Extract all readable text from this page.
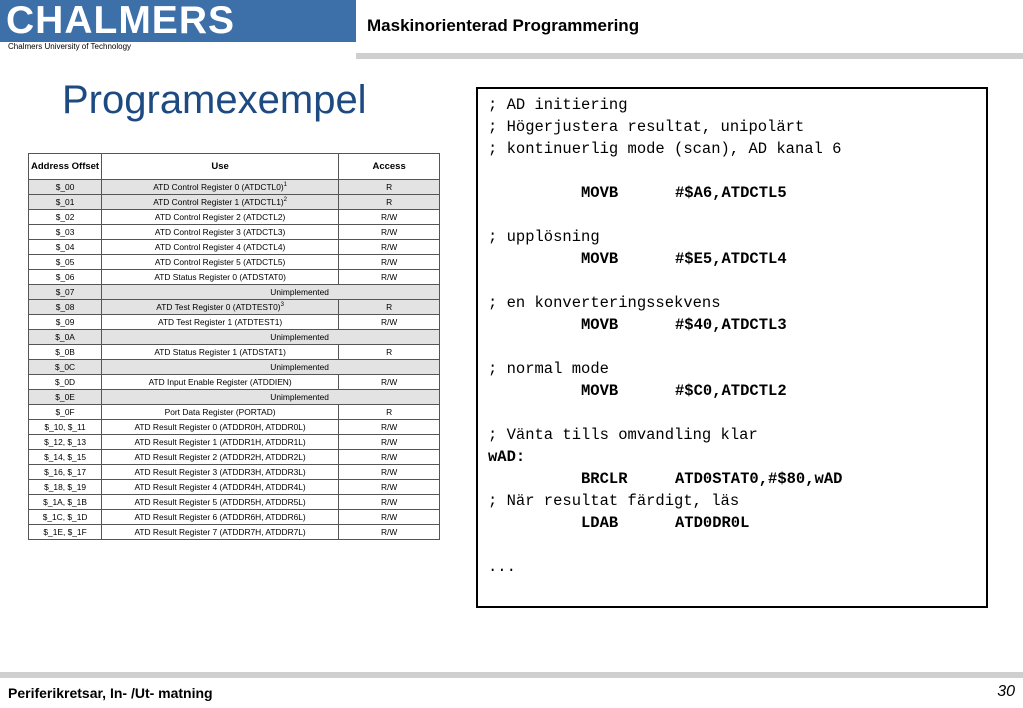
CHALMERS
Chalmers University of Technology
Maskinorienterad Programmering
Programexempel
Address Offset	Use	Access
$_00	ATD Control Register 0 (ATDCTL0)$^1$	R
$_01	ATD Control Register 1 (ATDCTL1)$^2$	R
$_02	ATD Control Register 2 (ATDCTL2)	R/W
$_03	ATD Control Register 3 (ATDCTL3)	R/W
$_04	ATD Control Register 4 (ATDCTL4)	R/W
$_05	ATD Control Register 5 (ATDCTL5)	R/W
$_06	ATD Status Register 0 (ATDSTAT0)	R/W
$_07	Unimplemented	
$_08	ATD Test Register 0 (ATDTEST0)$^3$	R
$_09	ATD Test Register 1 (ATDTEST1)	R/W
$_0A	Unimplemented	
$_0B	ATD Status Register 1 (ATDSTAT1)	R
$_0C	Unimplemented	
$_0D	ATD Input Enable Register (ATDDIEN)	R/W
$_0E	Unimplemented	
$_0F	Port Data Register (PORTAD)	R
$_10, $_11	ATD Result Register 0 (ATDDR0H, ATDDR0L)	R/W
$_12, $_13	ATD Result Register 1 (ATDDR1H, ATDDR1L)	R/W
$_14, $_15	ATD Result Register 2 (ATDDR2H, ATDDR2L)	R/W
$_16, $_17	ATD Result Register 3 (ATDDR3H, ATDDR3L)	R/W
$_18, $_19	ATD Result Register 4 (ATDDR4H, ATDDR4L)	R/W
$_1A, $_1B	ATD Result Register 5 (ATDDR5H, ATDDR5L)	R/W
$_1C, $_1D	ATD Result Register 6 (ATDDR6H, ATDDR6L)	R/W
$_1E, $_1F	ATD Result Register 7 (ATDDR7H, ATDDR7L)	R/W
; AD initiering
; Högerjustera resultat, unipolärt
; kontinuerlig mode (scan), AD kanal 6
MOVB	#$A6,ATDCTL5
; upplösning
MOVB	#$E5,ATDCTL4
; en konverteringssekvens
MOVB	#$40,ATDCTL3
; normal mode
MOVB	#$C0,ATDCTL2
; Vänta tills omvandling klar
wAD:
BRCLR	ATD0STAT0,#$80,wAD
; När resultat färdigt, läs
LDAB	ATD0DR0L
...
Periferikretsar, In- /Ut- matning	30
